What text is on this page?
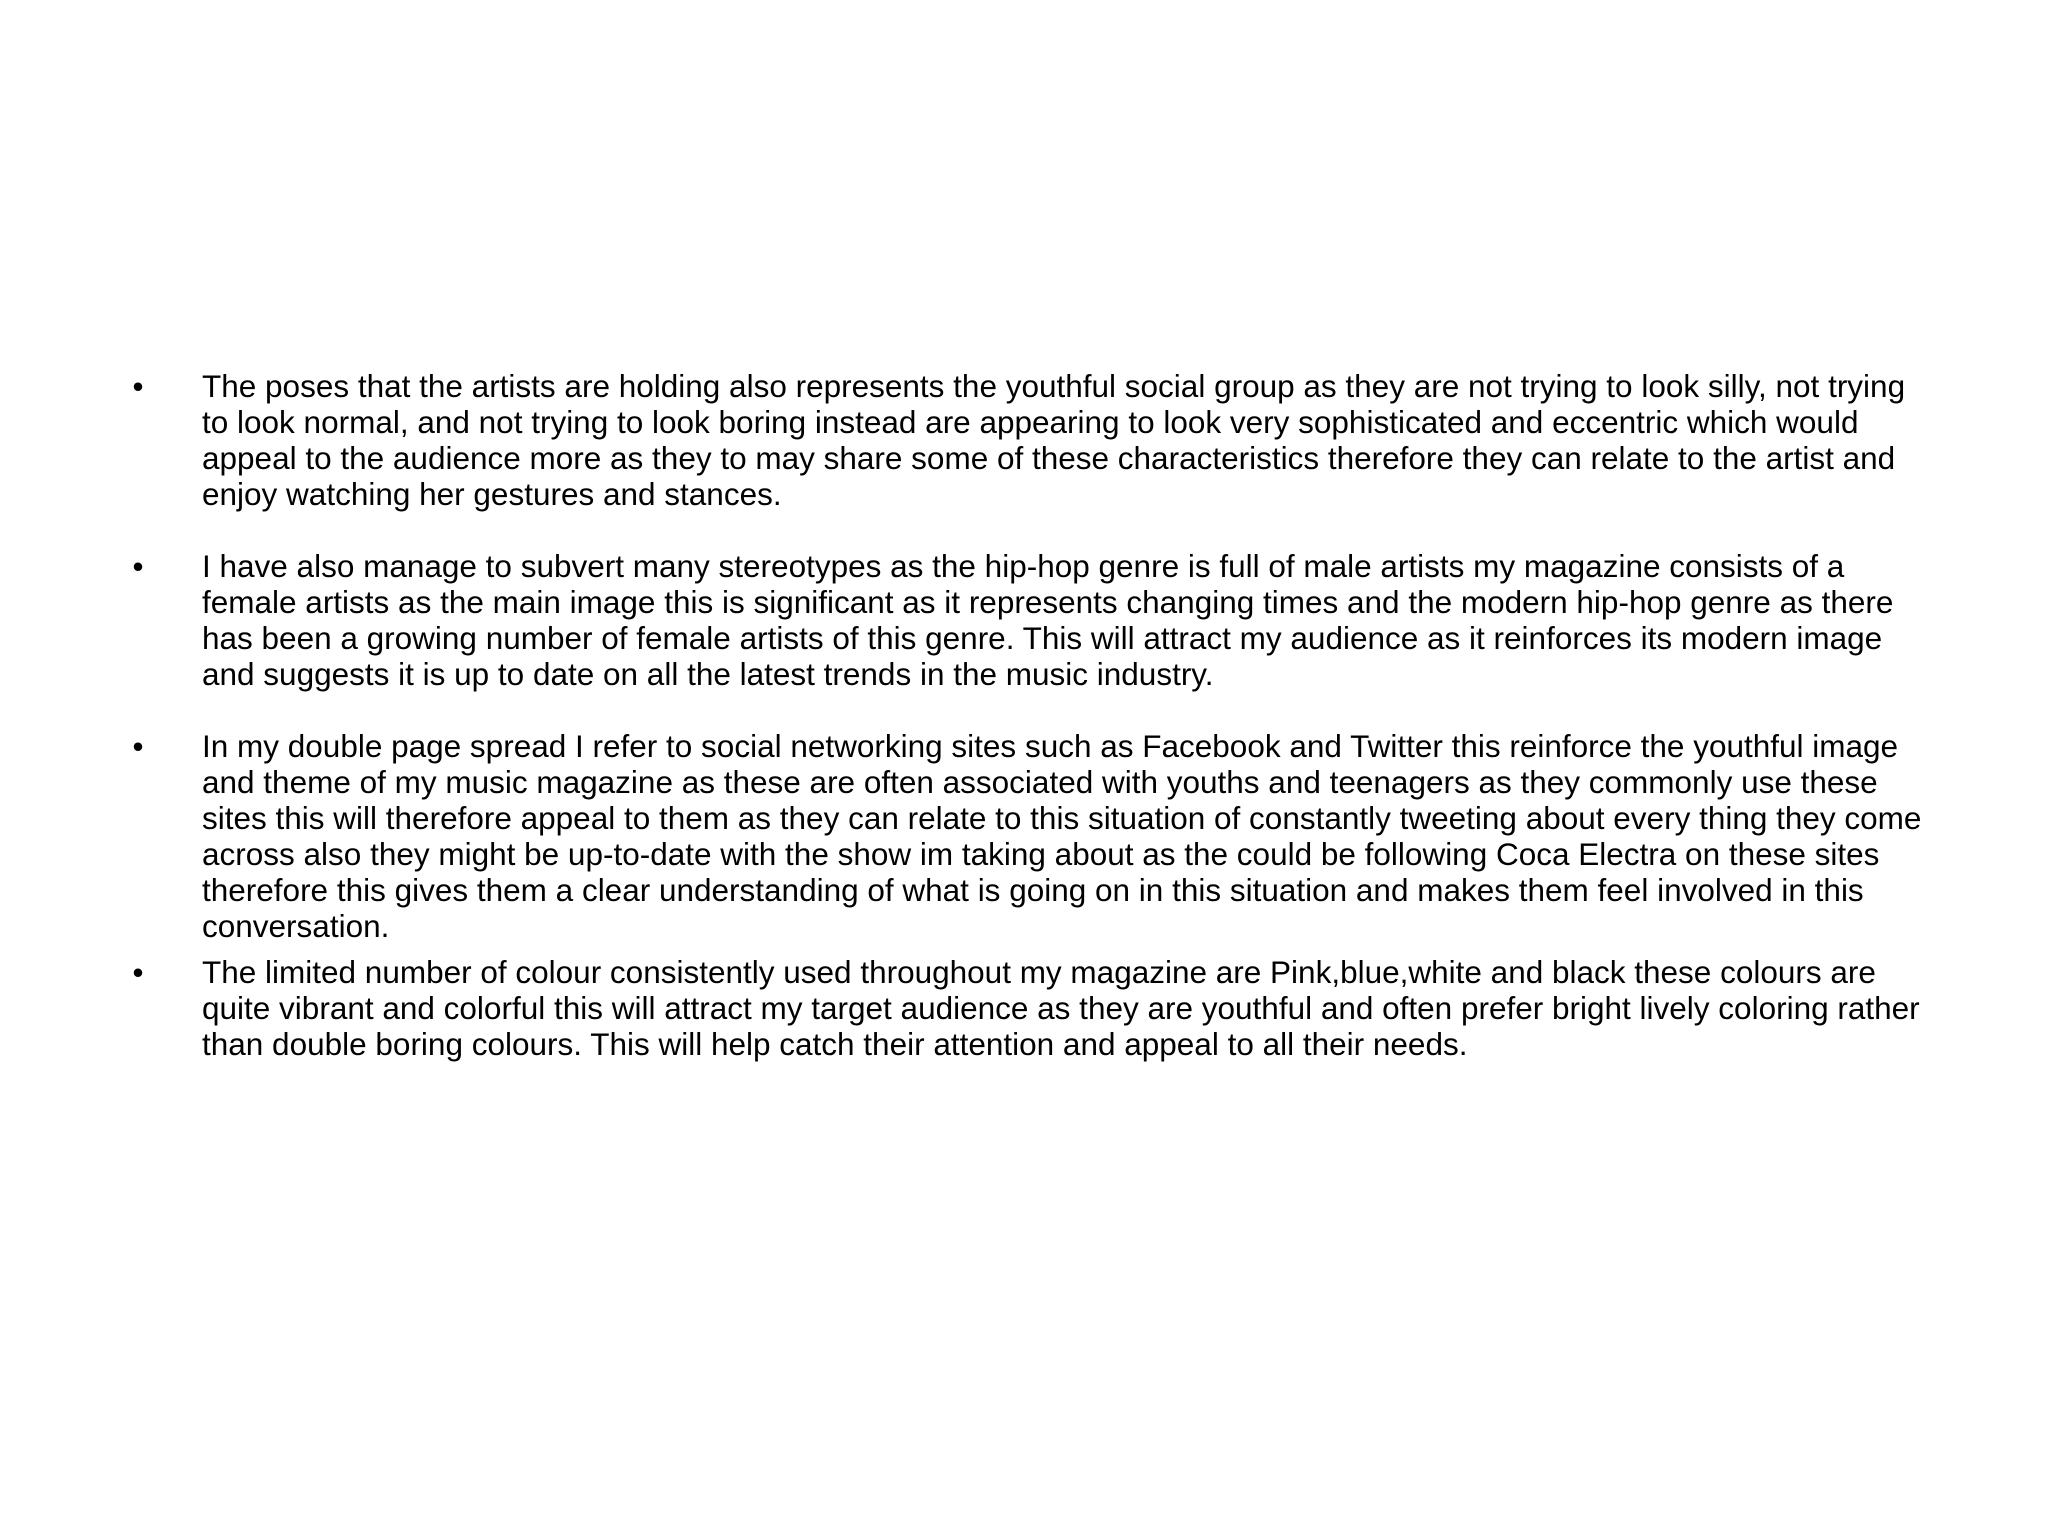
•	The poses that the artists are holding also represents the youthful social group as they are not trying to look silly, not trying to look normal, and not trying to look boring instead are appearing to look very sophisticated and eccentric which would appeal to the audience more as they to may share some of these characteristics therefore they can relate to the artist and enjoy watching her gestures and stances.
•	I have also manage to subvert many stereotypes as the hip-hop genre is full of male artists my magazine consists of a female artists as the main image this is significant as it represents changing times and the modern hip-hop genre as there has been a growing number of female artists of this genre. This will attract my audience as it reinforces its modern image and suggests it is up to date on all the latest trends in the music industry.
•	In my double page spread I refer to social networking sites such as Facebook and Twitter this reinforce the youthful image and theme of my music magazine as these are often associated with youths and teenagers as they commonly use these sites this will therefore appeal to them as they can relate to this situation of constantly tweeting about every thing they come across also they might be up-to-date with the show im taking about as the could be following Coca Electra on these sites therefore this gives them a clear understanding of what is going on in this situation and makes them feel involved in this conversation.
•	The limited number of colour consistently used throughout my magazine are Pink,blue,white and black these colours are quite vibrant and colorful this will attract my target audience as they are youthful and often prefer bright lively coloring rather than double boring colours. This will help catch their attention and appeal to all their needs.
